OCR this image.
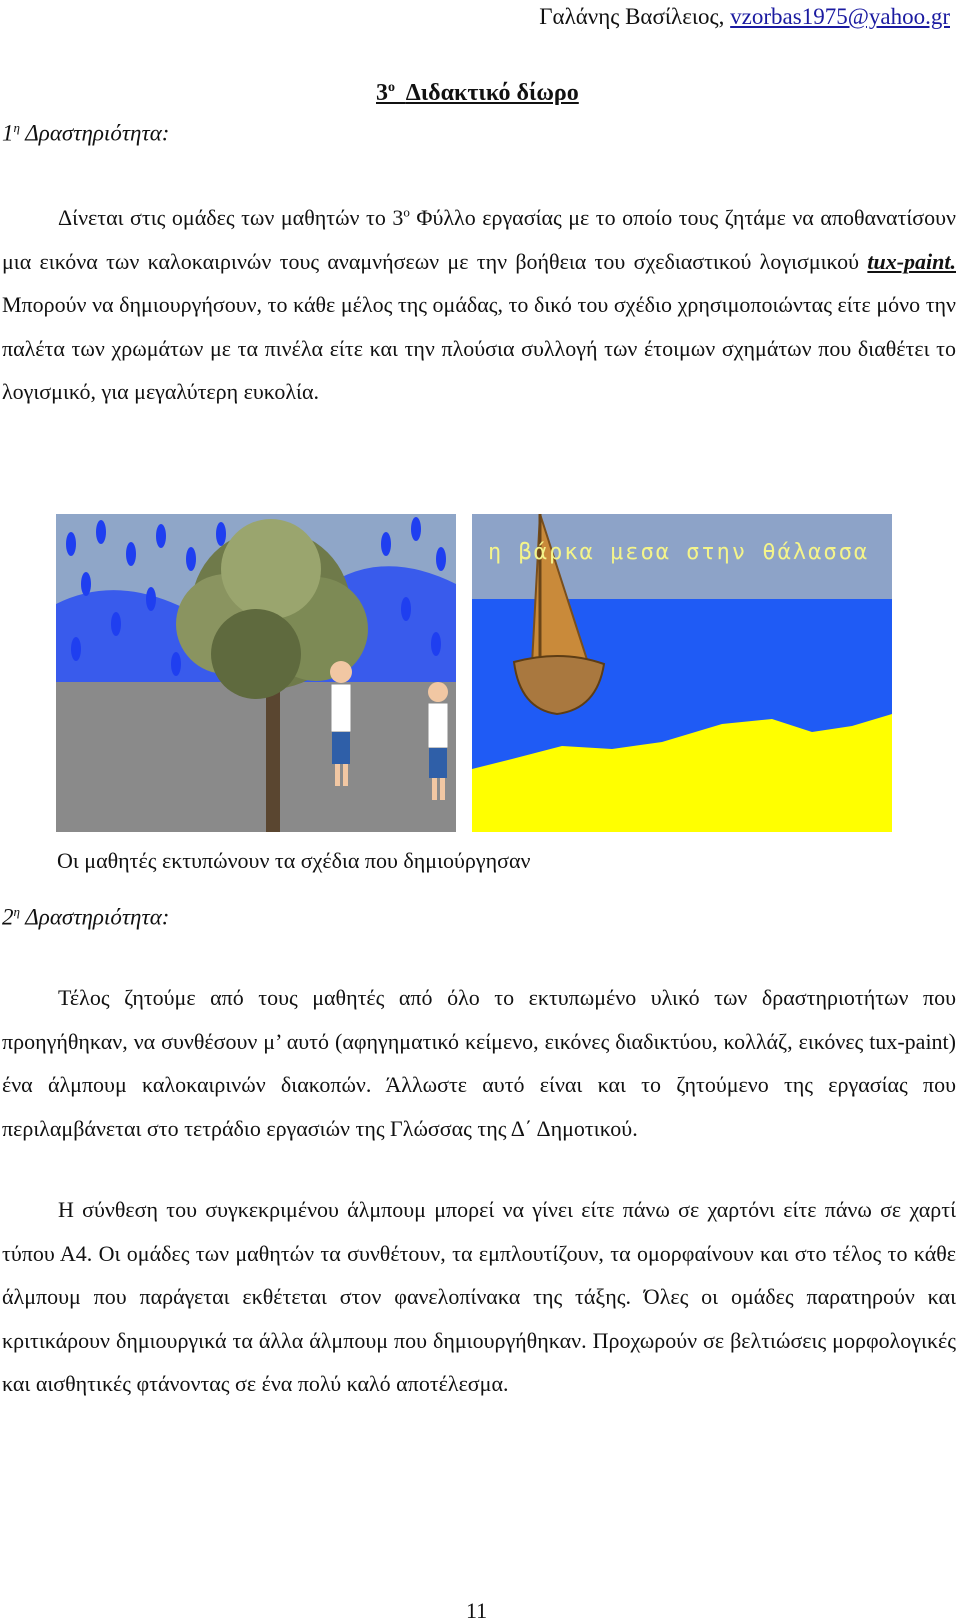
Γαλάνης Βασίλειος, vzorbas1975@yahoo.gr
$3^o$ Διδακτικό δίωρο
$1^\eta$ Δραστηριότητα:

Δίνεται στις ομάδες των μαθητών το $3^o$ Φύλλο εργασίας με το οποίο τους ζητάμε να αποθανατίσουν μια εικόνα των καλοκαιρινών τους αναμνήσεων με την βοήθεια του σχεδιαστικού λογισμικού tux-paint. Μπορούν να δημιουργήσουν, το κάθε μέλος της ομάδας, το δικό του σχέδιο χρησιμοποιώντας είτε μόνο την παλέτα των χρωμάτων με τα πινέλα είτε και την πλούσια συλλογή των έτοιμων σχημάτων που διαθέτει το λογισμικό, για μεγαλύτερη ευκολία.

η βάρκα μεσα στην θάλασσα
Οι μαθητές εκτυπώνουν τα σχέδια που δημιούργησαν
$2^\eta$ Δραστηριότητα:

Τέλος ζητούμε από τους μαθητές από όλο το εκτυπωμένο υλικό των δραστηριοτήτων που προηγήθηκαν, να συνθέσουν μ’ αυτό (αφηγηματικό κείμενο, εικόνες διαδικτύου, κολλάζ, εικόνες tux-paint) ένα άλμπουμ καλοκαιρινών διακοπών. Άλλωστε αυτό είναι και το ζητούμενο της εργασίας που περιλαμβάνεται στο τετράδιο εργασιών της Γλώσσας της Δ΄ Δημοτικού.

Η σύνθεση του συγκεκριμένου άλμπουμ μπορεί να γίνει είτε πάνω σε χαρτόνι είτε πάνω σε χαρτί τύπου Α4. Οι ομάδες των μαθητών τα συνθέτουν, τα εμπλουτίζουν, τα ομορφαίνουν και στο τέλος το κάθε άλμπουμ που παράγεται εκθέτεται στον φανελοπίνακα της τάξης. Όλες οι ομάδες παρατηρούν και κριτικάρουν δημιουργικά τα άλλα άλμπουμ που δημιουργήθηκαν. Προχωρούν σε βελτιώσεις μορφολογικές και αισθητικές φτάνοντας σε ένα πολύ καλό αποτέλεσμα.

11
